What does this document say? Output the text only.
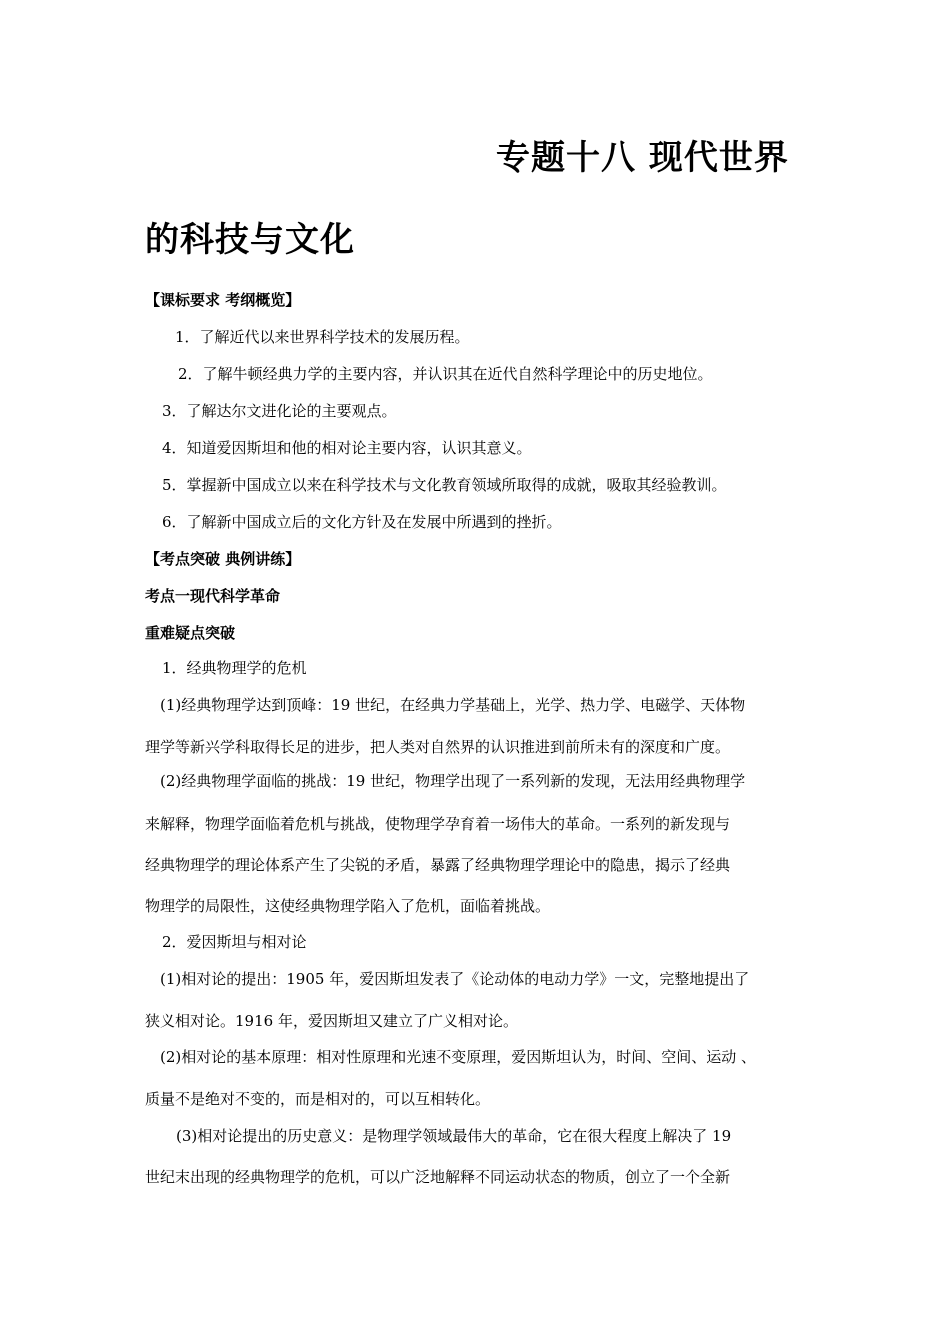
专题十八 现代世界
的科技与文化
【课标要求 考纲概览】
1．了解近代以来世界科学技术的发展历程。
2．了解牛顿经典力学的主要内容，并认识其在近代自然科学理论中的历史地位。
3．了解达尔文进化论的主要观点。
4．知道爱因斯坦和他的相对论主要内容，认识其意义。
5．掌握新中国成立以来在科学技术与文化教育领域所取得的成就，吸取其经验教训。
6．了解新中国成立后的文化方针及在发展中所遇到的挫折。
【考点突破 典例讲练】
考点一现代科学革命
重难疑点突破
1．经典物理学的危机
(1)经典物理学达到顶峰：19 世纪，在经典力学基础上，光学、热力学、电磁学、天体物
理学等新兴学科取得长足的进步，把人类对自然界的认识推进到前所未有的深度和广度。
(2)经典物理学面临的挑战：19 世纪，物理学出现了一系列新的发现，无法用经典物理学
来解释，物理学面临着危机与挑战，使物理学孕育着一场伟大的革命。一系列的新发现与
经典物理学的理论体系产生了尖锐的矛盾，暴露了经典物理学理论中的隐患，揭示了经典
物理学的局限性，这使经典物理学陷入了危机，面临着挑战。
2．爱因斯坦与相对论
(1)相对论的提出：1905 年，爱因斯坦发表了《论动体的电动力学》一文，完整地提出了
狭义相对论。1916 年，爱因斯坦又建立了广义相对论。
(2)相对论的基本原理：相对性原理和光速不变原理，爱因斯坦认为，时间、空间、运动 、
质量不是绝对不变的，而是相对的，可以互相转化。
(3)相对论提出的历史意义：是物理学领域最伟大的革命，它在很大程度上解决了 19
世纪末出现的经典物理学的危机，可以广泛地解释不同运动状态的物质，创立了一个全新
